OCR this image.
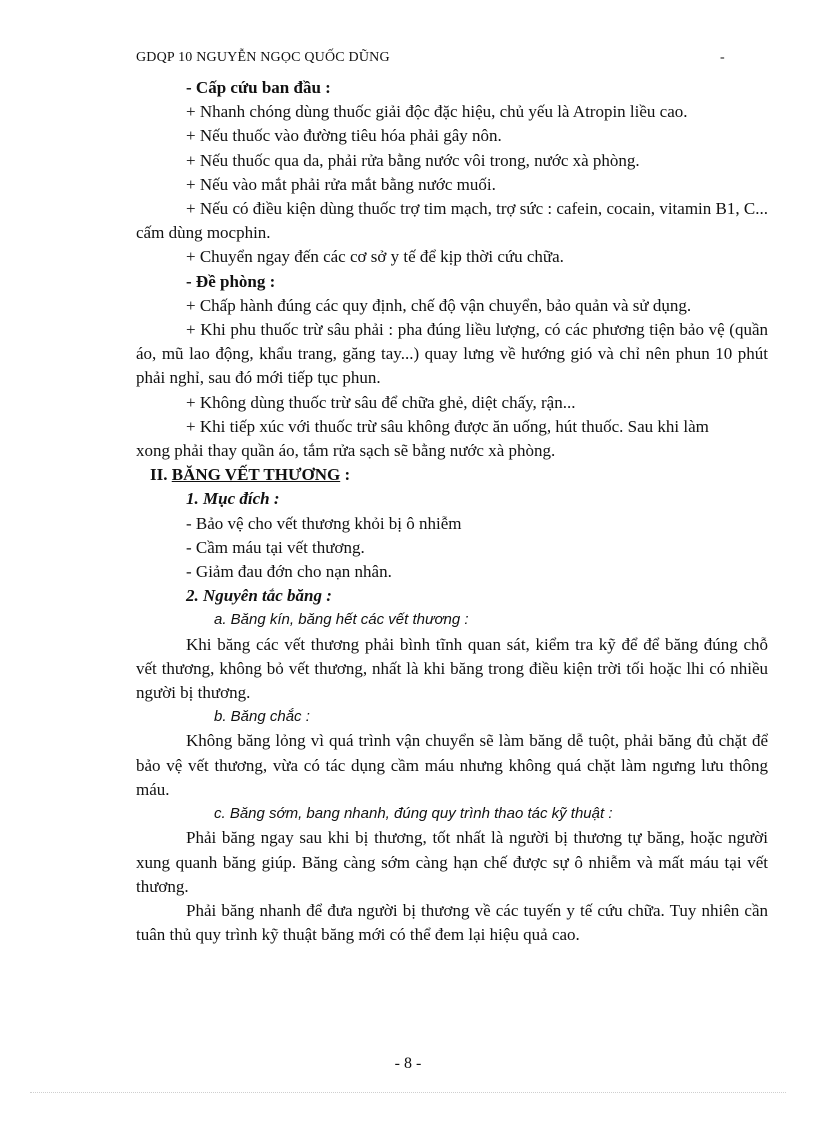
GDQP 10 NGUYỄN NGỌC QUỐC DŨNG	-

- Cấp cứu ban đầu :

+ Nhanh chóng dùng thuốc giải độc đặc hiệu, chủ yếu là Atropin liều cao.

+ Nếu thuốc vào đường tiêu hóa phải gây nôn.

+ Nếu thuốc qua da, phải rửa bằng nước vôi trong, nước xà phòng.

+ Nếu vào mắt phải rửa mắt bằng nước muối.

+ Nếu có điều kiện dùng thuốc trợ tim mạch, trợ sức : cafein, cocain, vitamin B1, C... cấm dùng mocphin.

+ Chuyển ngay đến các cơ sở y tế để kịp thời cứu chữa.

- Đề phòng :

+ Chấp hành đúng các quy định, chế độ vận chuyển, bảo quản và sử dụng.

+ Khi phu thuốc trừ sâu phải : pha đúng liều lượng, có các phương tiện bảo vệ (quần áo, mũ lao động, khẩu trang, găng tay...) quay lưng về hướng gió và chỉ nên phun 10 phút phải nghỉ, sau đó mới tiếp tục phun.

+ Không dùng thuốc trừ sâu để chữa ghẻ, diệt chấy, rận...

+ Khi tiếp xúc với thuốc trừ sâu không được ăn uống, hút thuốc. Sau khi làm

xong phải thay quần áo, tắm rửa sạch sẽ bằng nước xà phòng.

II. BĂNG VẾT THƯƠNG :

1. Mục đích :

- Bảo vệ cho vết thương khỏi bị ô nhiễm

- Cầm máu tại vết thương.

- Giảm đau đớn cho nạn nhân.

2. Nguyên tắc băng :

a. Băng kín, băng hết các vết thương :

Khi băng các vết thương phải bình tĩnh quan sát, kiểm tra kỹ để để băng đúng chỗ vết thương, không bỏ vết thương, nhất là khi băng trong điều kiện trời tối hoặc lhi có nhiều người bị thương.

b. Băng chắc :

Không băng lỏng vì quá trình vận chuyển sẽ làm băng dễ tuột, phải băng đủ chặt để bảo vệ vết thương, vừa có tác dụng cầm máu nhưng không quá chặt làm ngưng lưu thông máu.

c. Băng sớm, bang nhanh, đúng quy trình thao tác kỹ thuật :

Phải băng ngay sau khi bị thương, tốt nhất là người bị thương tự băng, hoặc người xung quanh băng giúp. Băng càng sớm càng hạn chế được sự ô nhiễm và mất máu tại vết thương.

Phải băng nhanh để đưa người bị thương về các tuyến y tế cứu chữa. Tuy nhiên cần tuân thủ quy trình kỹ thuật băng mới có thể đem lại hiệu quả cao.

- 8 -
